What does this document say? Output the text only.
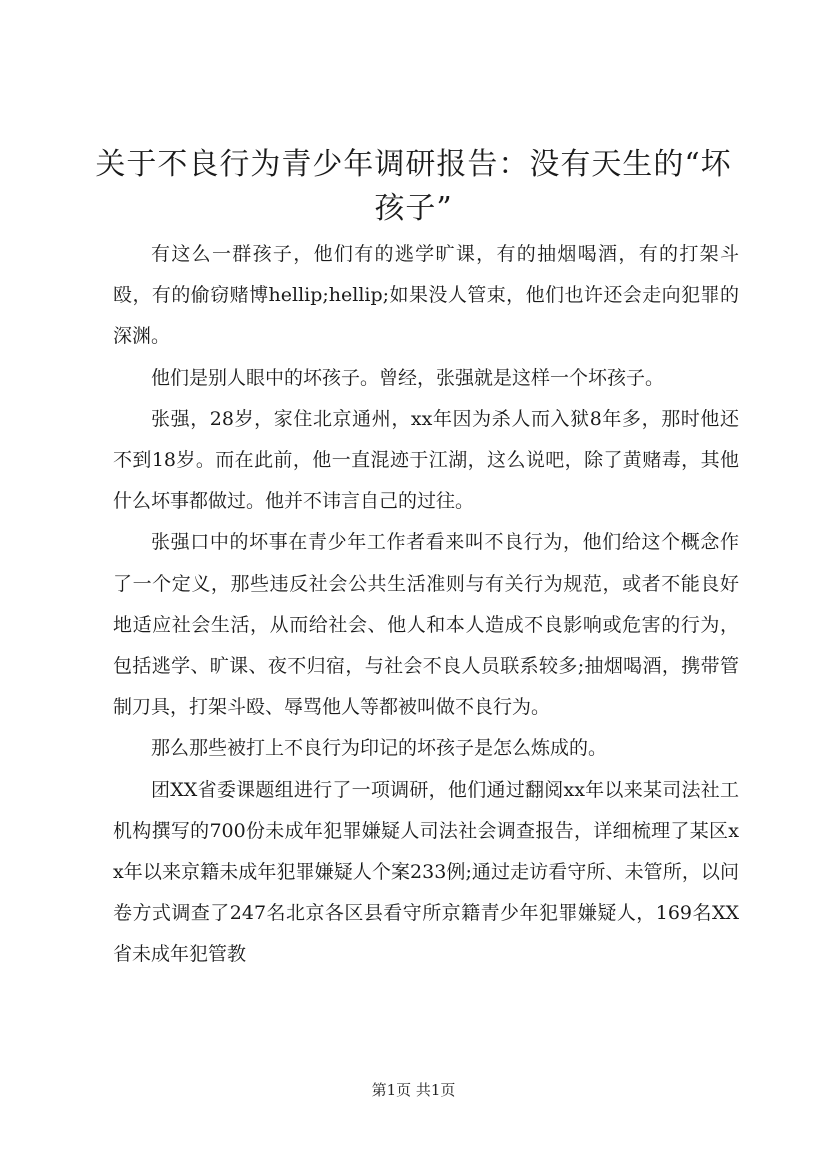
关于不良行为青少年调研报告：没有天生的“坏孩子”

有这么一群孩子，他们有的逃学旷课，有的抽烟喝酒，有的打架斗殴，有的偷窃赌博hellip;hellip;如果没人管束，他们也许还会走向犯罪的深渊。

他们是别人眼中的坏孩子。曾经，张强就是这样一个坏孩子。

张强，28岁，家住北京通州，xx年因为杀人而入狱8年多，那时他还不到18岁。而在此前，他一直混迹于江湖，这么说吧，除了黄赌毒，其他什么坏事都做过。他并不讳言自己的过往。

张强口中的坏事在青少年工作者看来叫不良行为，他们给这个概念作了一个定义，那些违反社会公共生活准则与有关行为规范，或者不能良好地适应社会生活，从而给社会、他人和本人造成不良影响或危害的行为，包括逃学、旷课、夜不归宿，与社会不良人员联系较多;抽烟喝酒，携带管制刀具，打架斗殴、辱骂他人等都被叫做不良行为。

那么那些被打上不良行为印记的坏孩子是怎么炼成的。

团XX省委课题组进行了一项调研，他们通过翻阅xx年以来某司法社工机构撰写的700份未成年犯罪嫌疑人司法社会调查报告，详细梳理了某区xx年以来京籍未成年犯罪嫌疑人个案233例;通过走访看守所、未管所，以问卷方式调查了247名北京各区县看守所京籍青少年犯罪嫌疑人，169名XX省未成年犯管教

第1页 共1页
